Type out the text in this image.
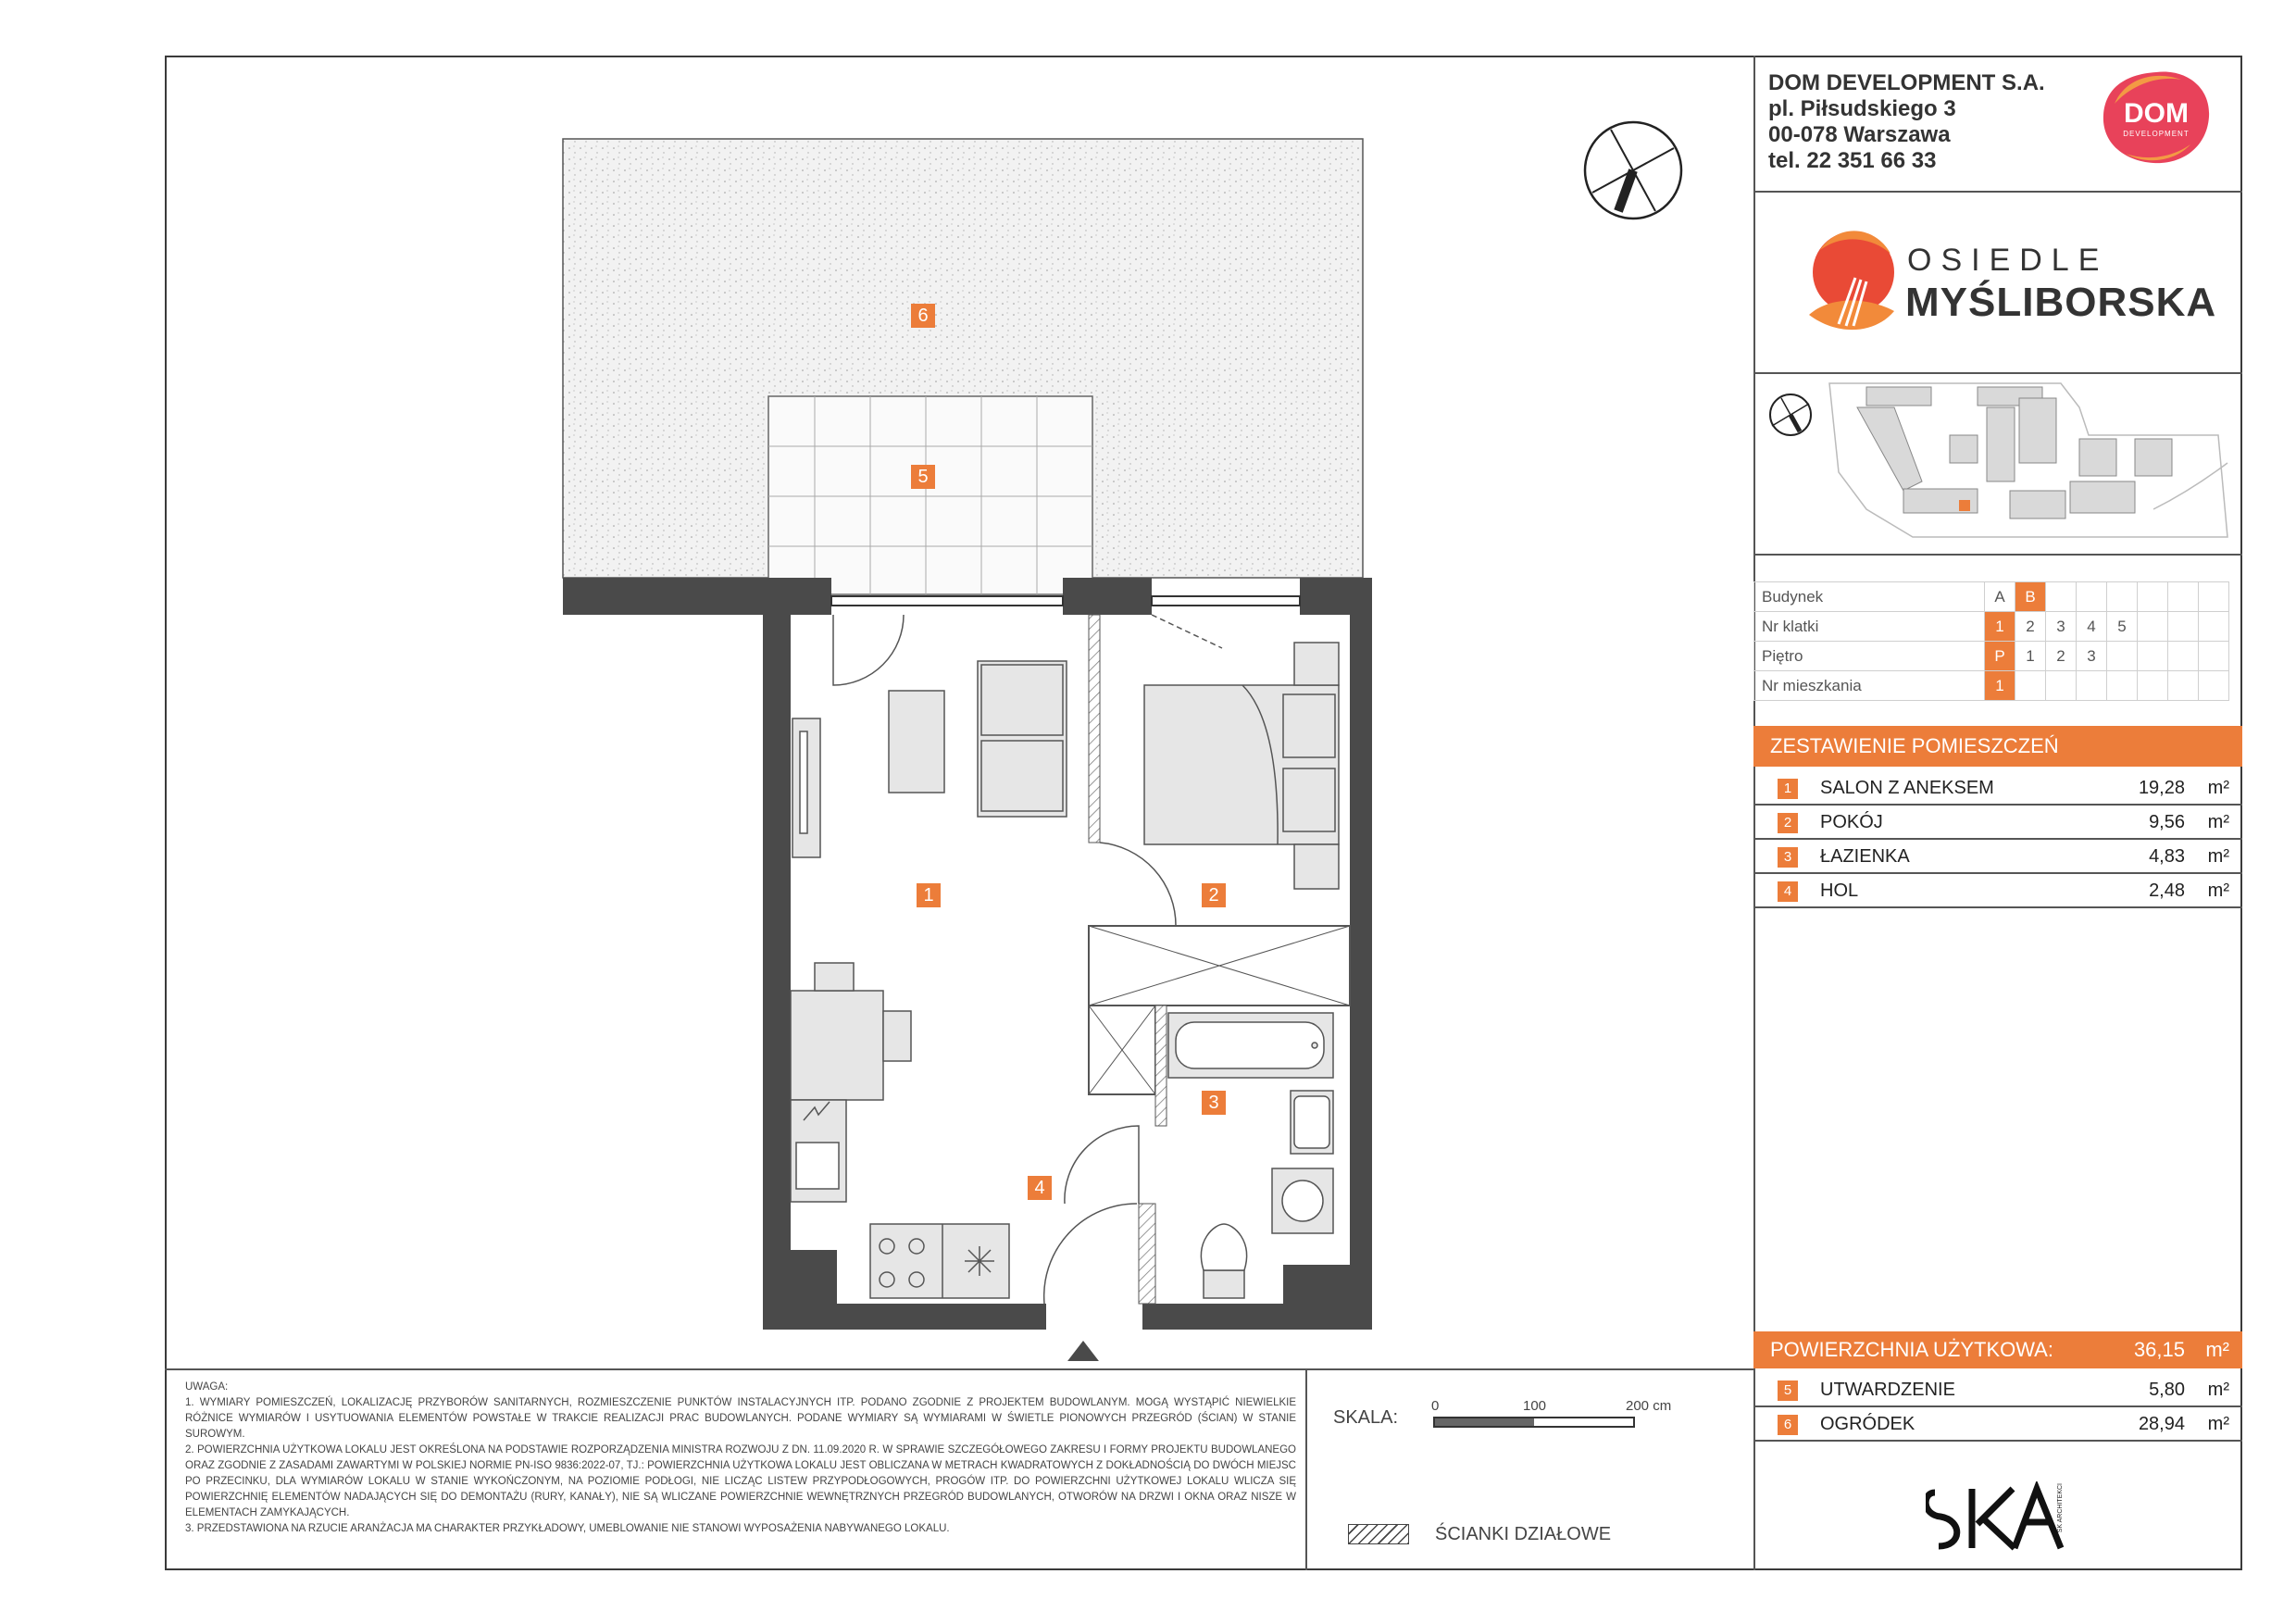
DOM DEVELOPMENT S.A.
pl. Piłsudskiego 3
00-078 Warszawa
tel. 22 351 66 33
DOM
DEVELOPMENT
OSIEDLE
MYŚLIBORSKA
Budynek	A	B						
Nr klatki	1	2	3	4	5			
Piętro	P	1	2	3				
Nr mieszkania	1							
ZESTAWIENIE POMIESZCZEŃ
1	SALON Z ANEKSEM	19,28 m²
2	POKÓJ	9,56 m²
3	ŁAZIENKA	4,83 m²
4	HOL	2,48 m²
POWIERZCHNIA UŻYTKOWA:	36,15 m²
5	UTWARDZENIE	5,80 m²
6	OGRÓDEK	28,94 m²
SK ARCHITEKCI
UWAGA:
1. WYMIARY POMIESZCZEŃ, LOKALIZACJĘ PRZYBORÓW SANITARNYCH, ROZMIESZCZENIE PUNKTÓW INSTALACYJNYCH ITP. PODANO ZGODNIE Z PROJEKTEM BUDOWLANYM. MOGĄ WYSTĄPIĆ NIEWIELKIE RÓŻNICE WYMIARÓW I USYTUOWANIA ELEMENTÓW POWSTAŁE W TRAKCIE REALIZACJI PRAC BUDOWLANYCH. PODANE WYMIARY SĄ WYMIARAMI W ŚWIETLE PIONOWYCH PRZEGRÓD (ŚCIAN) W STANIE SUROWYM.
2. POWIERZCHNIA UŻYTKOWA LOKALU JEST OKREŚLONA NA PODSTAWIE ROZPORZĄDZENIA MINISTRA ROZWOJU Z DN. 11.09.2020 R. W SPRAWIE SZCZEGÓŁOWEGO ZAKRESU I FORMY PROJEKTU BUDOWLANEGO ORAZ ZGODNIE Z ZASADAMI ZAWARTYMI W POLSKIEJ NORMIE PN-ISO 9836:2022-07, TJ.: POWIERZCHNIA UŻYTKOWA LOKALU JEST OBLICZANA W METRACH KWADRATOWYCH Z DOKŁADNOŚCIĄ DO DWÓCH MIEJSC PO PRZECINKU, DLA WYMIARÓW LOKALU W STANIE WYKOŃCZONYM, NA POZIOMIE PODŁOGI, NIE LICZĄC LISTEW PRZYPODŁOGOWYCH, PROGÓW ITP. DO POWIERZCHNI UŻYTKOWEJ LOKALU WLICZA SIĘ POWIERZCHNIĘ ELEMENTÓW NADAJĄCYCH SIĘ DO DEMONTAŻU (RURY, KANAŁY), NIE SĄ WLICZANE POWIERZCHNIE WEWNĘTRZNYCH PRZEGRÓD BUDOWLANYCH, OTWORÓW NA DRZWI I OKNA ORAZ NISZE W ELEMENTACH ZAMYKAJĄCYCH.
3. PRZEDSTAWIONA NA RZUCIE ARANŻACJA MA CHARAKTER PRZYKŁADOWY, UMEBLOWANIE NIE STANOWI WYPOSAŻENIA NABYWANEGO LOKALU.
SKALA:
0	100	200 cm
ŚCIANKI DZIAŁOWE
6
5
1	2
3
4
